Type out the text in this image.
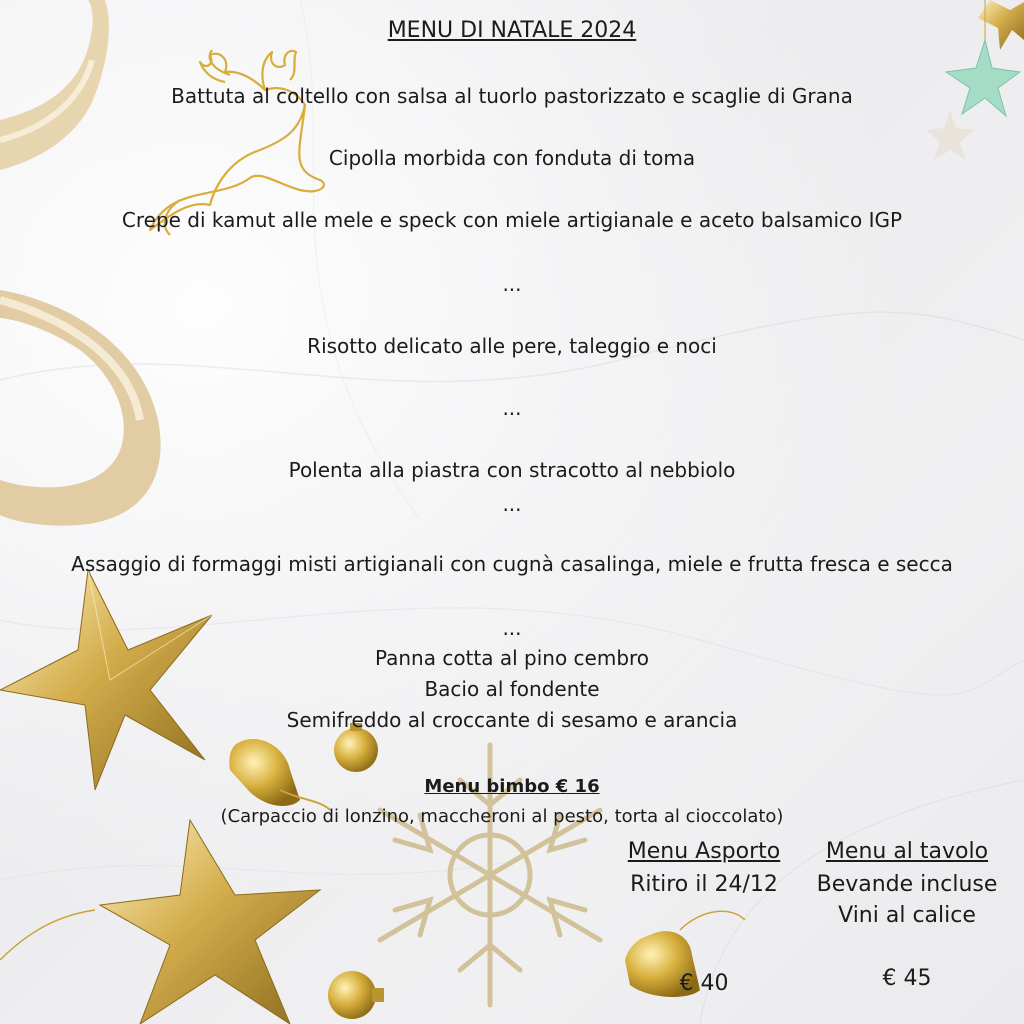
MENU DI NATALE 2024
Battuta al coltello con salsa al tuorlo pastorizzato e scaglie di Grana
Cipolla morbida con fonduta di toma
Crepe di kamut alle mele e speck con miele artigianale e aceto balsamico IGP
...
Risotto delicato alle pere, taleggio e noci
...
Polenta alla piastra con stracotto al nebbiolo
...
Assaggio di formaggi misti artigianali con cugnà casalinga, miele e frutta fresca e secca
...
Panna cotta al pino cembro
Bacio al fondente
Semifreddo al croccante di sesamo e arancia
Menu bimbo € 16
(Carpaccio di lonzino, maccheroni al pesto, torta al cioccolato)
Menu Asporto
Ritiro il 24/12
€ 40
Menu al tavolo
Bevande incluse
Vini al calice
€ 45
